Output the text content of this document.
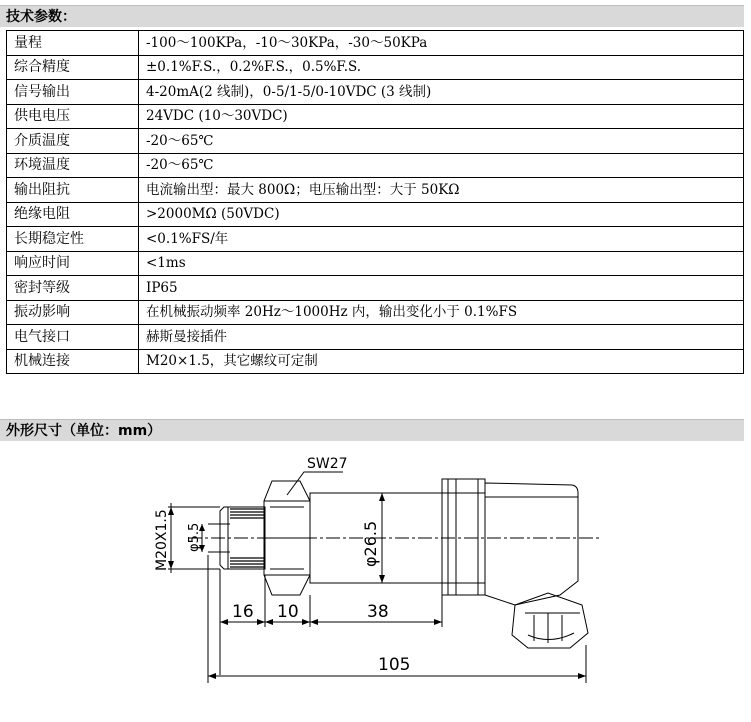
技术参数：
量程	-100～100KPa，-10～30KPa，-30～50KPa
综合精度	±0.1%F.S.，0.2%F.S.，0.5%F.S.
信号输出	4-20mA(2 线制)，0-5/1-5/0-10VDC (3 线制)
供电电压	24VDC (10～30VDC)
介质温度	-20～65℃
环境温度	-20～65℃
输出阻抗	电流输出型：最大 800Ω；电压输出型：大于 50KΩ
绝缘电阻	>2000MΩ (50VDC)
长期稳定性	<0.1%FS/年
响应时间	<1ms
密封等级	IP65
振动影响	在机械振动频率 20Hz～1000Hz 内，输出变化小于 0.1%FS
电气接口	赫斯曼接插件
机械连接	M20×1.5，其它螺纹可定制
外形尺寸（单位：mm）
SW27
M20X1.5 φ5.5	φ26.5
16 10	38
105
